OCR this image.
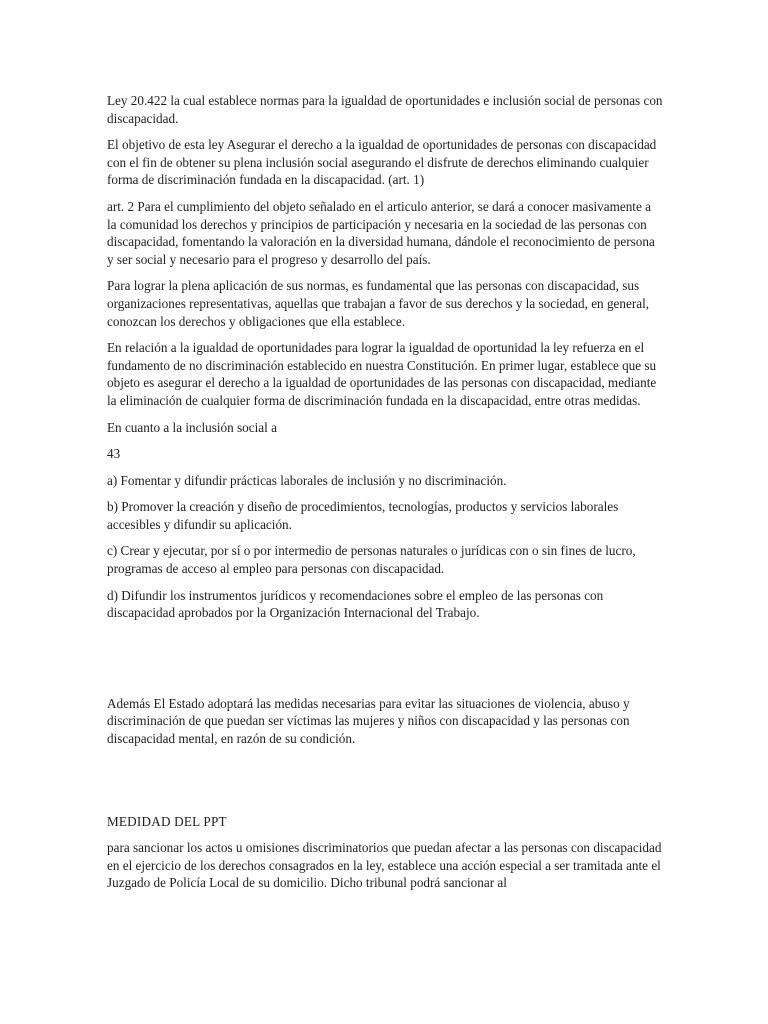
Ley 20.422 la cual establece normas para la igualdad de oportunidades e inclusión social de personas con discapacidad.

El objetivo de esta ley Asegurar el derecho a la igualdad de oportunidades de personas con discapacidad con el fin de obtener su plena inclusión social asegurando el disfrute de derechos eliminando cualquier forma de discriminación fundada en la discapacidad. (art. 1)

art. 2 Para el cumplimiento del objeto señalado en el articulo anterior, se dará a conocer masivamente a la comunidad los derechos y principios de participación y necesaria en la sociedad de las personas con discapacidad, fomentando la valoración en la diversidad humana, dándole el reconocimiento de persona y ser social y necesario para el progreso y desarrollo del país.

Para lograr la plena aplicación de sus normas, es fundamental que las personas con discapacidad, sus organizaciones representativas, aquellas que trabajan a favor de sus derechos y la sociedad, en general, conozcan los derechos y obligaciones que ella establece.

En relación a la igualdad de oportunidades para lograr la igualdad de oportunidad la ley refuerza en el fundamento de no discriminación establecido en nuestra Constitución. En primer lugar, establece que su objeto es asegurar el derecho a la igualdad de oportunidades de las personas con discapacidad, mediante la eliminación de cualquier forma de discriminación fundada en la discapacidad, entre otras medidas.

En cuanto a la inclusión social a

43

a) Fomentar y difundir prácticas laborales de inclusión y no discriminación.

b) Promover la creación y diseño de procedimientos, tecnologías, productos y servicios laborales accesibles y difundir su aplicación.

c) Crear y ejecutar, por sí o por intermedio de personas naturales o jurídicas con o sin fines de lucro, programas de acceso al empleo para personas con discapacidad.

d) Difundir los instrumentos jurídicos y recomendaciones sobre el empleo de las personas con discapacidad aprobados por la Organización Internacional del Trabajo.

Además El Estado adoptará las medidas necesarias para evitar las situaciones de violencia, abuso y discriminación de que puedan ser víctimas las mujeres y niños con discapacidad y las personas con discapacidad mental, en razón de su condición.

MEDIDAD DEL PPT

para sancionar los actos u omisiones discriminatorios que puedan afectar a las personas con discapacidad en el ejercicio de los derechos consagrados en la ley, establece una acción especial a ser tramitada ante el Juzgado de Policía Local de su domicilio. Dicho tribunal podrá sancionar al
